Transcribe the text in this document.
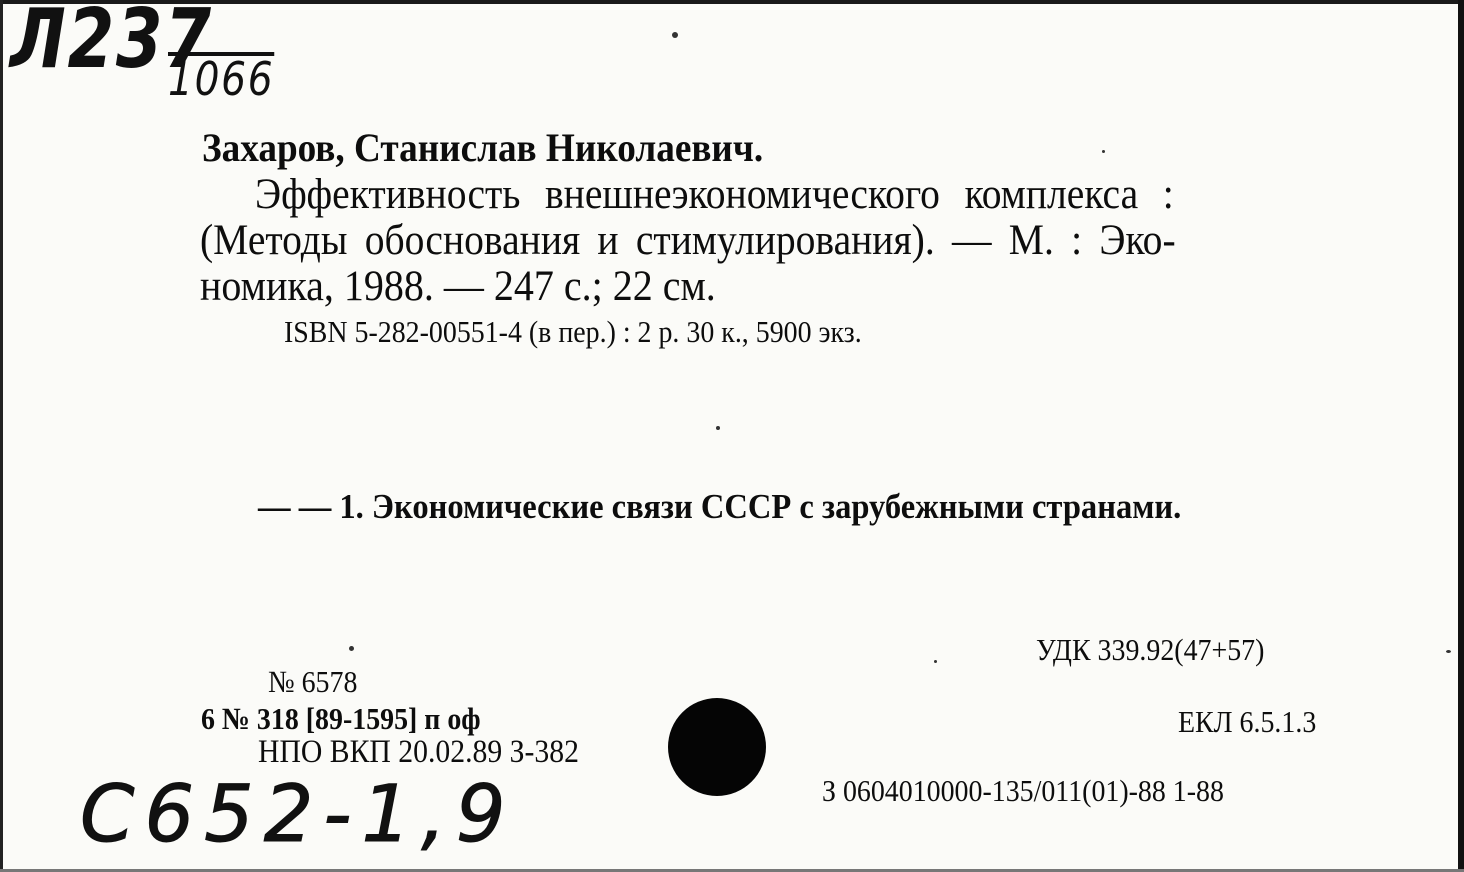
Л237
1066
Захаров, Станислав Николаевич.
Эффективность внешнеэкономического комплекса :
(Методы обоснования и стимулирования). — М. : Эко-
номика, 1988. — 247 с.; 22 см.
ISBN 5-282-00551-4 (в пер.) : 2 р. 30 к., 5900 экз.
— — 1. Экономические связи СССР с зарубежными странами.
УДК 339.92(47+57)
№ 6578
6 № 318 [89-1595] п оф	ЕКЛ 6.5.1.3
НПО ВКП 20.02.89 З-382
З 0604010000-135/011(01)-88 1-88
С652-1,9
